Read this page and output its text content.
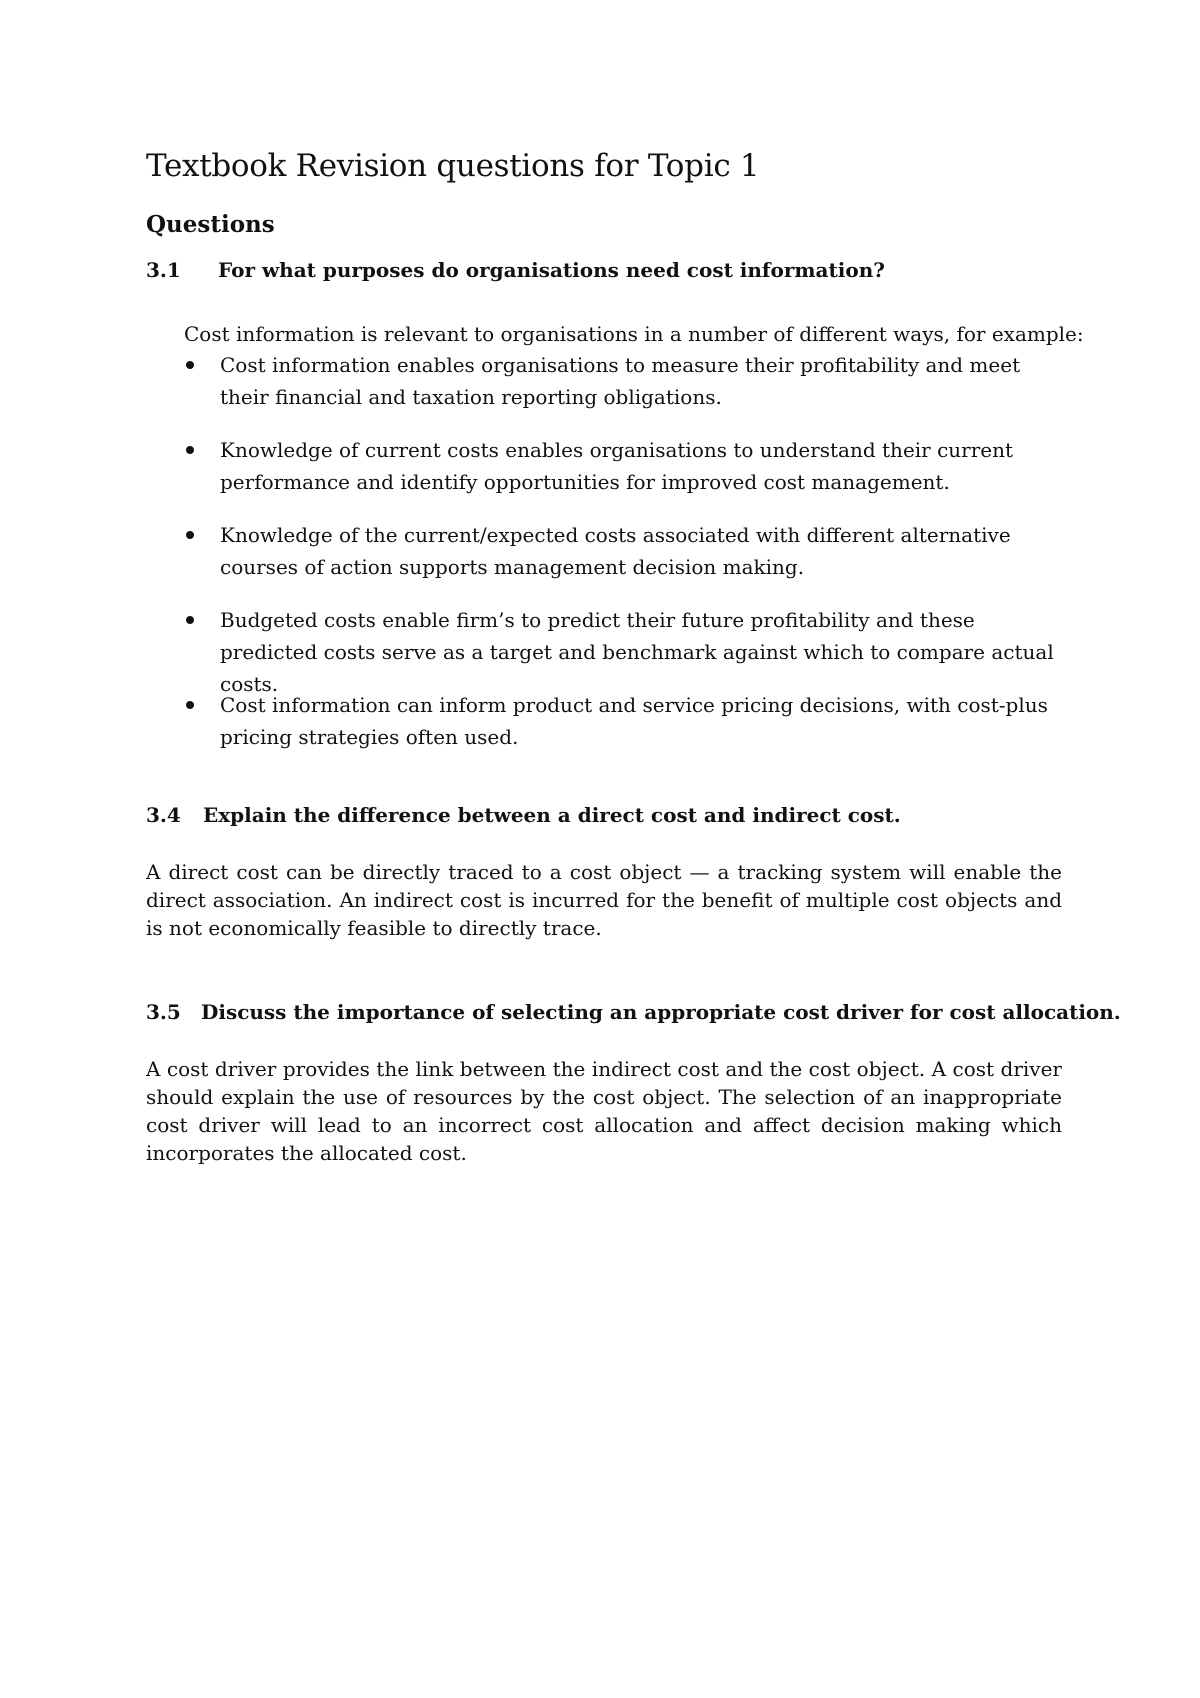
Textbook Revision questions for Topic 1
Questions
3.1 For what purposes do organisations need cost information?

Cost information is relevant to organisations in a number of different ways, for example:

Cost information enables organisations to measure their profitability and meet their financial and taxation reporting obligations.
Knowledge of current costs enables organisations to understand their current performance and identify opportunities for improved cost management.
Knowledge of the current/expected costs associated with different alternative courses of action supports management decision making.
Budgeted costs enable firm’s to predict their future profitability and these predicted costs serve as a target and benchmark against which to compare actual costs.
Cost information can inform product and service pricing decisions, with cost-plus pricing strategies often used.
3.4 Explain the difference between a direct cost and indirect cost.

A direct cost can be directly traced to a cost object — a tracking system will enable the direct association. An indirect cost is incurred for the benefit of multiple cost objects and is not economically feasible to directly trace.

3.5 Discuss the importance of selecting an appropriate cost driver for cost allocation.

A cost driver provides the link between the indirect cost and the cost object. A cost driver should explain the use of resources by the cost object. The selection of an inappropriate cost driver will lead to an incorrect cost allocation and affect decision making which incorporates the allocated cost.
